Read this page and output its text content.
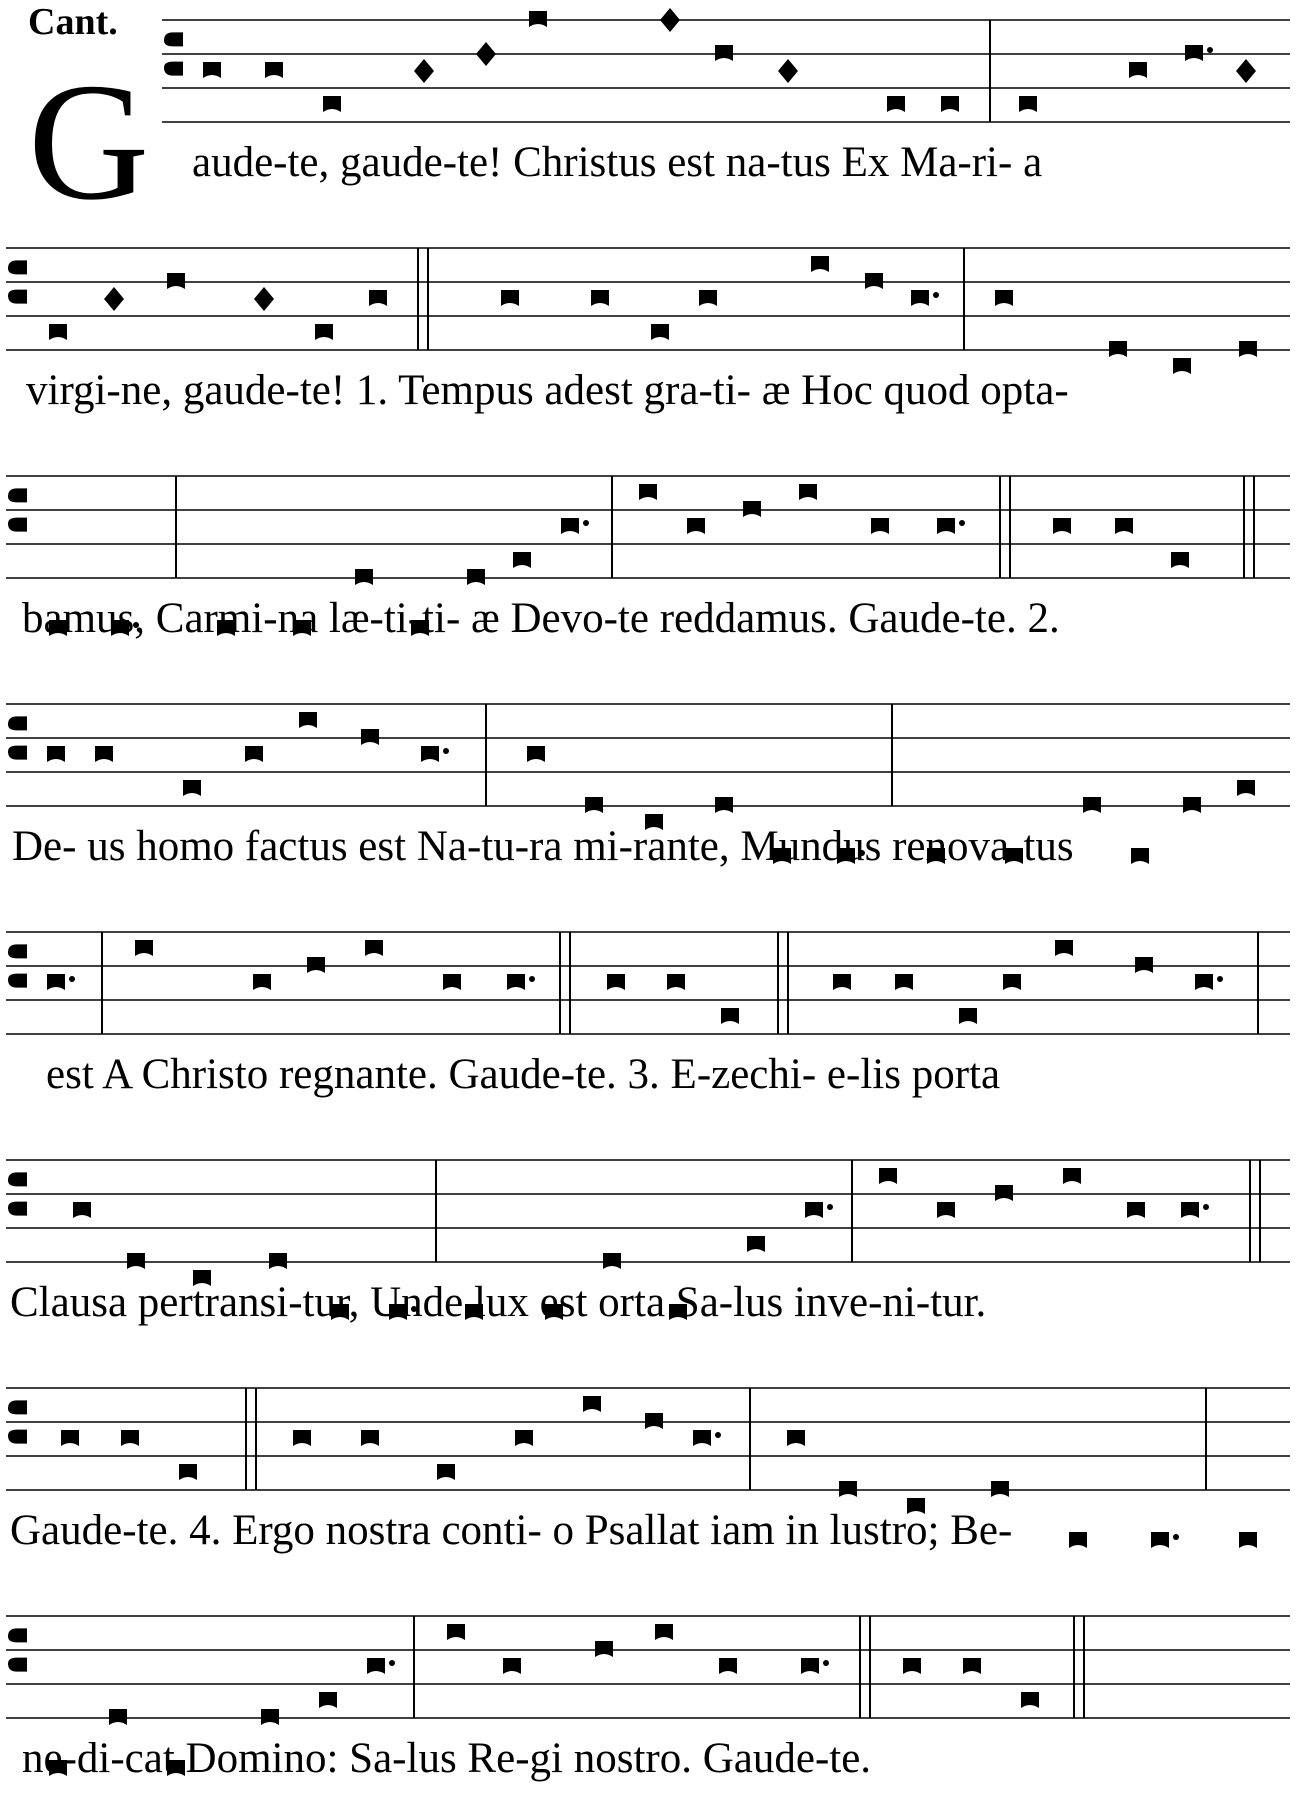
Cant.
G aude-te, gaude-te! Christus est na-tus Ex Ma-ri- a
virgi-ne, gaude-te! 1. Tempus adest gra-ti- æ Hoc quod opta-
bamus, Carmi-na læ-ti-ti- æ Devo-te reddamus. Gaude-te. 2.
De- us homo factus est Na-tu-ra mi-rante, Mundus renova-tus
est A Christo regnante. Gaude-te. 3. E-zechi- e-lis porta
Clausa pertransi-tur, Unde lux est orta Sa-lus inve-ni-tur.
Gaude-te. 4. Ergo nostra conti- o Psallat iam in lustro; Be-
ne-di-cat Domino: Sa-lus Re-gi nostro. Gaude-te.
